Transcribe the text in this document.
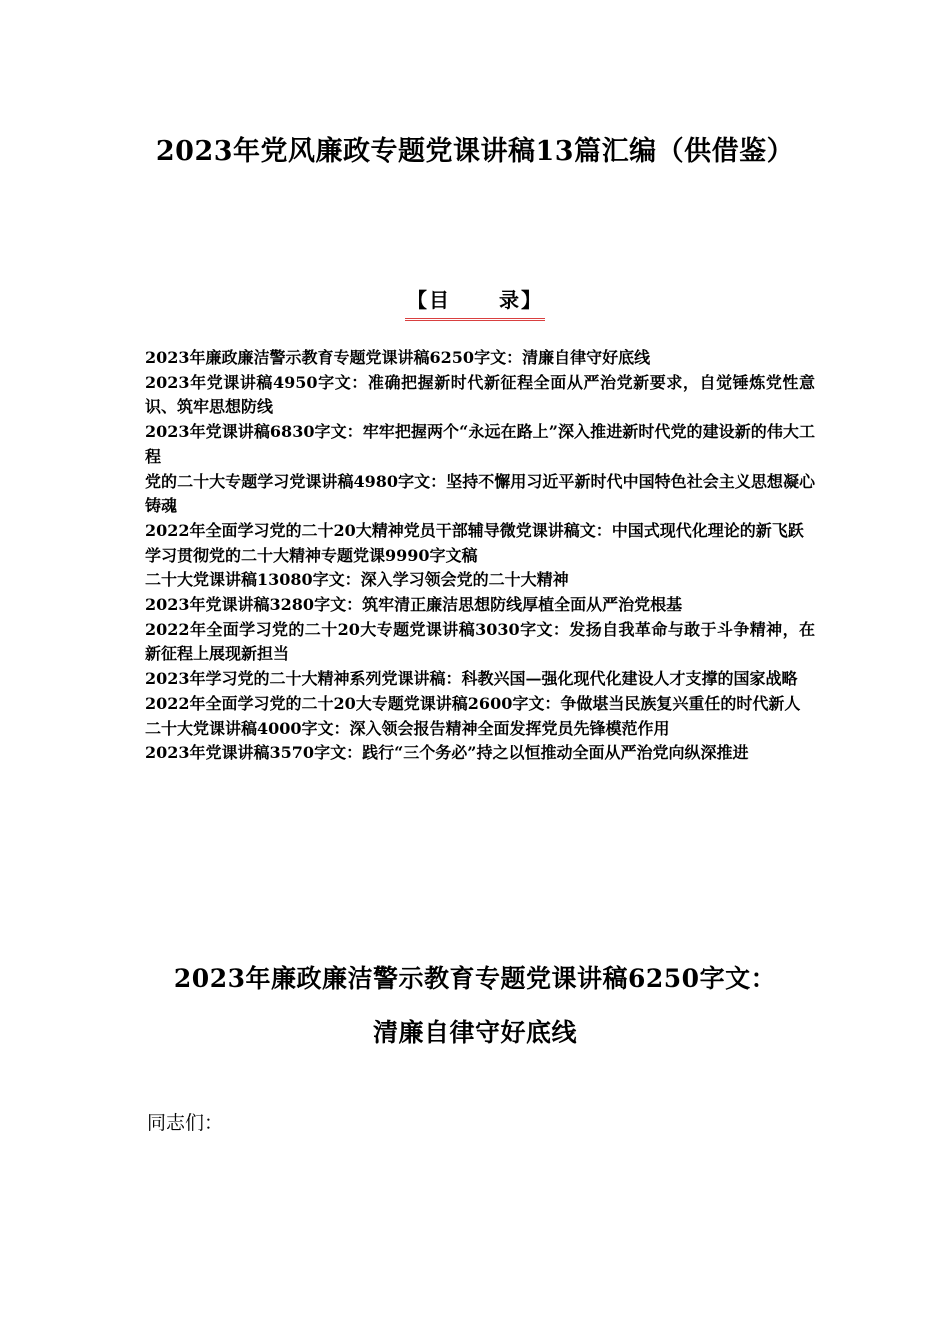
2023年党风廉政专题党课讲稿13篇汇编（供借鉴）
【目 录】
2023年廉政廉洁警示教育专题党课讲稿6250字文：清廉自律守好底线
2023年党课讲稿4950字文：准确把握新时代新征程全面从严治党新要求，自觉锤炼党性意识、筑牢思想防线
2023年党课讲稿6830字文：牢牢把握两个“永远在路上”深入推进新时代党的建设新的伟大工程
党的二十大专题学习党课讲稿4980字文：坚持不懈用习近平新时代中国特色社会主义思想凝心铸魂
2022年全面学习党的二十20大精神党员干部辅导微党课讲稿文：中国式现代化理论的新飞跃
学习贯彻党的二十大精神专题党课9990字文稿
二十大党课讲稿13080字文：深入学习领会党的二十大精神
2023年党课讲稿3280字文：筑牢清正廉洁思想防线厚植全面从严治党根基
2022年全面学习党的二十20大专题党课讲稿3030字文：发扬自我革命与敢于斗争精神，在新征程上展现新担当
2023年学习党的二十大精神系列党课讲稿：科教兴国—强化现代化建设人才支撑的国家战略
2022年全面学习党的二十20大专题党课讲稿2600字文：争做堪当民族复兴重任的时代新人
二十大党课讲稿4000字文：深入领会报告精神全面发挥党员先锋模范作用
2023年党课讲稿3570字文：践行“三个务必”持之以恒推动全面从严治党向纵深推进
2023年廉政廉洁警示教育专题党课讲稿6250字文：
清廉自律守好底线
同志们：
